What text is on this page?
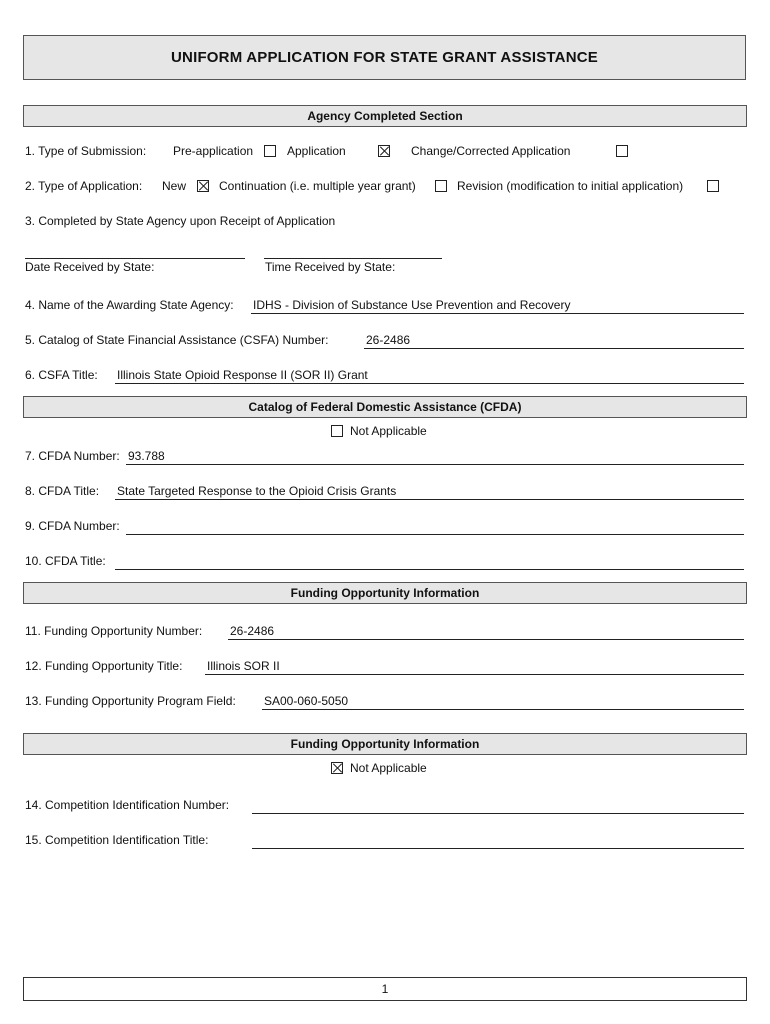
UNIFORM APPLICATION FOR STATE GRANT ASSISTANCE
Agency Completed Section
1. Type of Submission: Pre-application	Application	Change/Corrected Application
2. Type of Application: New	Continuation (i.e. multiple year grant)	Revision (modification to initial application)
3. Completed by State Agency upon Receipt of Application
Date Received by State:	Time Received by State:
4. Name of the Awarding State Agency: IDHS - Division of Substance Use Prevention and Recovery
5. Catalog of State Financial Assistance (CSFA) Number:	26-2486
6. CSFA Title: Illinois State Opioid Response II (SOR II) Grant
Catalog of Federal Domestic Assistance (CFDA)
Not Applicable
7. CFDA Number: 93.788
8. CFDA Title: State Targeted Response to the Opioid Crisis Grants
9. CFDA Number:
10. CFDA Title:
Funding Opportunity Information
11. Funding Opportunity Number: 26-2486
12. Funding Opportunity Title: Illinois SOR II
13. Funding Opportunity Program Field: SA00-060-5050
Funding Opportunity Information
Not Applicable
14. Competition Identification Number:
15. Competition Identification Title:
1
